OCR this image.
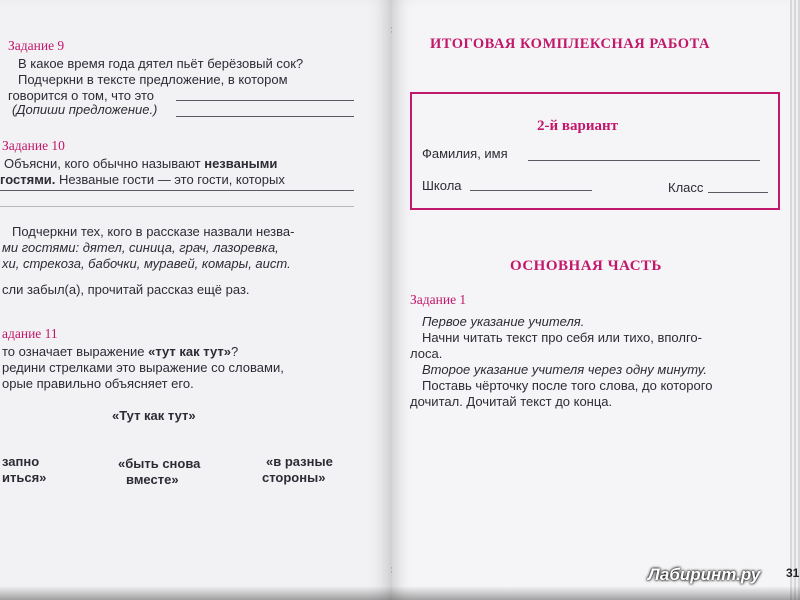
Задание 9
В какое время года дятел пьёт берёзовый сок?
Подчеркни в тексте предложение, в котором
говорится о том, что это
(Допиши предложение.)
Задание 10
Объясни, кого обычно называют незваными
гостями. Незваные гости — это гости, которых
Подчеркни тех, кого в рассказе назвали незва-
ми гостями: дятел, синица, грач, лазоревка,
хи, стрекоза, бабочки, муравей, комары, аист.
сли забыл(а), прочитай рассказ ещё раз.
адание 11
то означает выражение «тут как тут»?
редини стрелками это выражение со словами,
орые правильно объясняет его.
«Тут как тут»
запно
иться»
«быть снова
вместе»
«в разные
стороны»
ИТОГОВАЯ КОМПЛЕКСНАЯ РАБОТА
2-й вариант
Фамилия, имя
Школа	Класс
ОСНОВНАЯ ЧАСТЬ
Задание 1
Первое указание учителя.
Начни читать текст про себя или тихо, вполго-
лоса.
Второе указание учителя через одну минуту.
Поставь чёрточку после того слова, до которого
дочитал. Дочитай текст до конца.
Лабиринт.ру 31
